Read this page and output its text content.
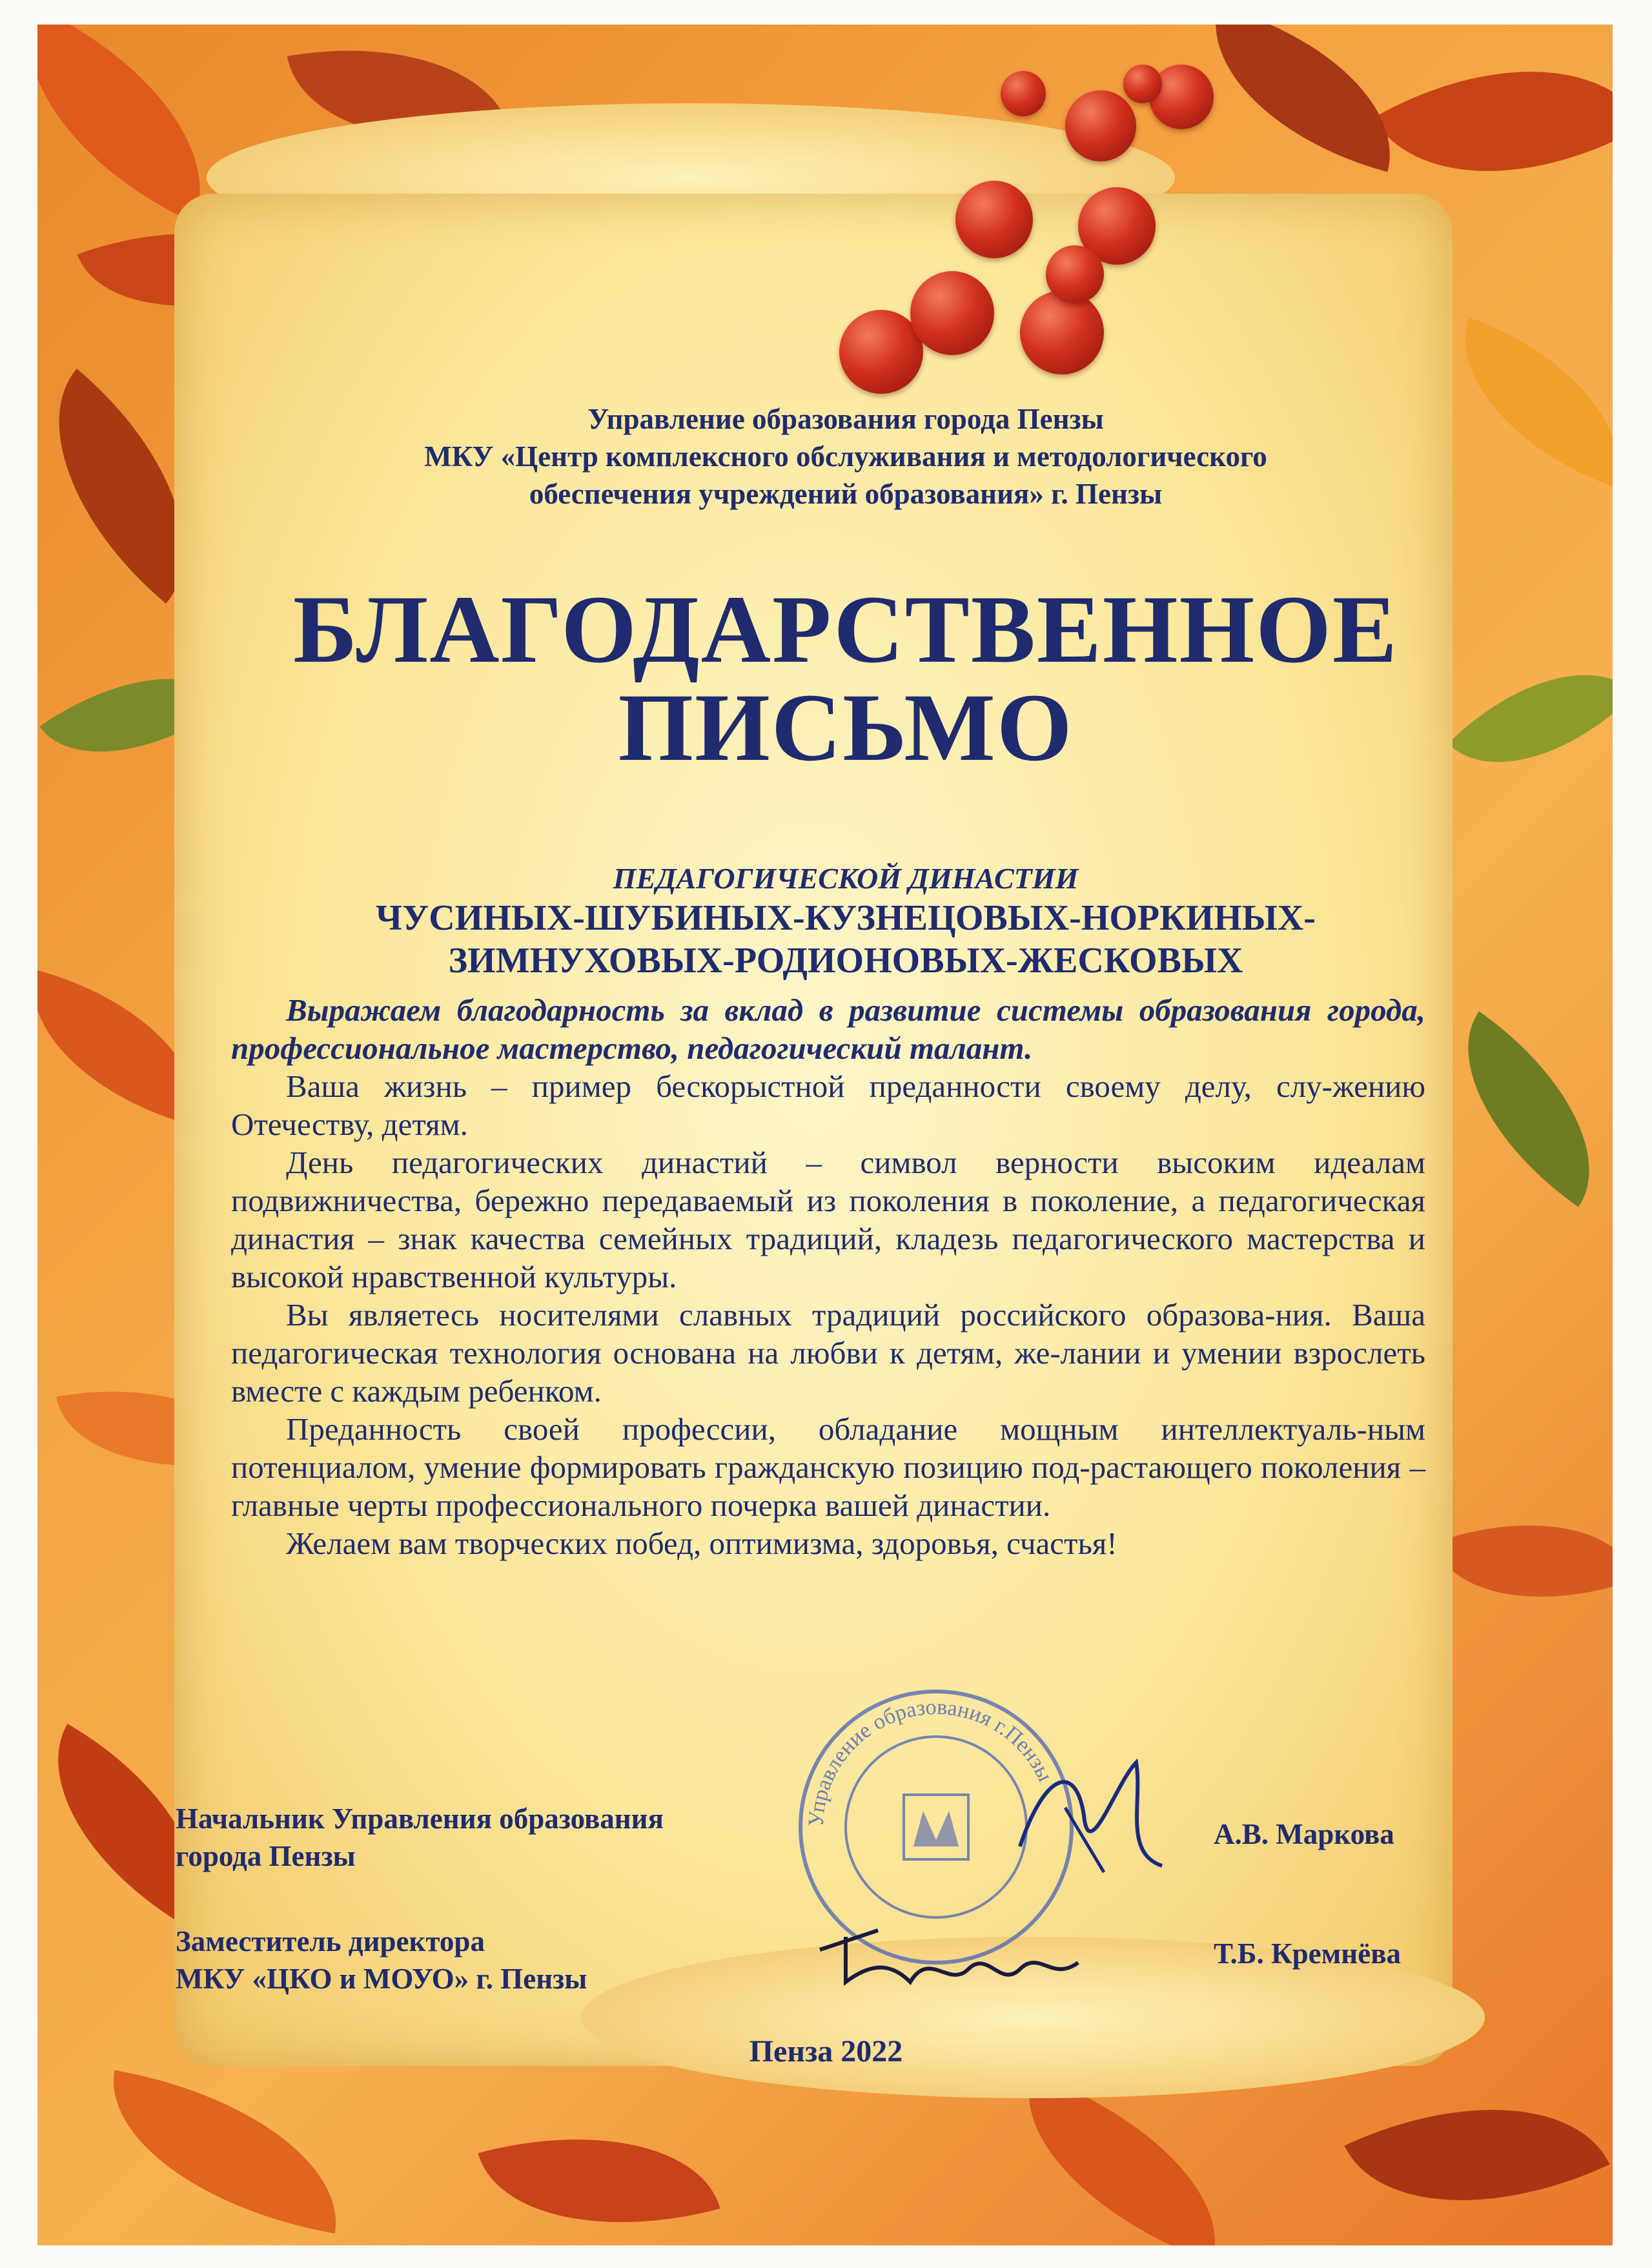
Управление образования города Пензы
МКУ «Центр комплексного обслуживания и методологического
обеспечения учреждений образования» г. Пензы
БЛАГОДАРСТВЕННОЕ
ПИСЬМО
ПЕДАГОГИЧЕСКОЙ ДИНАСТИИ
ЧУСИНЫХ-ШУБИНЫХ-КУЗНЕЦОВЫХ-НОРКИНЫХ-
ЗИМНУХОВЫХ-РОДИОНОВЫХ-ЖЕСКОВЫХ

Выражаем благодарность за вклад в развитие системы образования города, профессиональное мастерство, педагогический талант.

Ваша жизнь – пример бескорыстной преданности своему делу, слу-жению Отечеству, детям.

День педагогических династий – символ верности высоким идеалам подвижничества, бережно передаваемый из поколения в поколение, а педагогическая династия – знак качества семейных традиций, кладезь педагогического мастерства и высокой нравственной культуры.

Вы являетесь носителями славных традиций российского образова-ния. Ваша педагогическая технология основана на любви к детям, же-лании и умении взрослеть вместе с каждым ребенком.

Преданность своей профессии, обладание мощным интеллектуаль-ным потенциалом, умение формировать гражданскую позицию под-растающего поколения – главные черты профессионального почерка вашей династии.

Желаем вам творческих побед, оптимизма, здоровья, счастья!

Управление образования г.Пензы
Начальник Управления образования
города Пензы
А.В. Маркова
Заместитель директора
МКУ «ЦКО и МОУО» г. Пензы
Т.Б. Кремнёва
Пенза 2022
